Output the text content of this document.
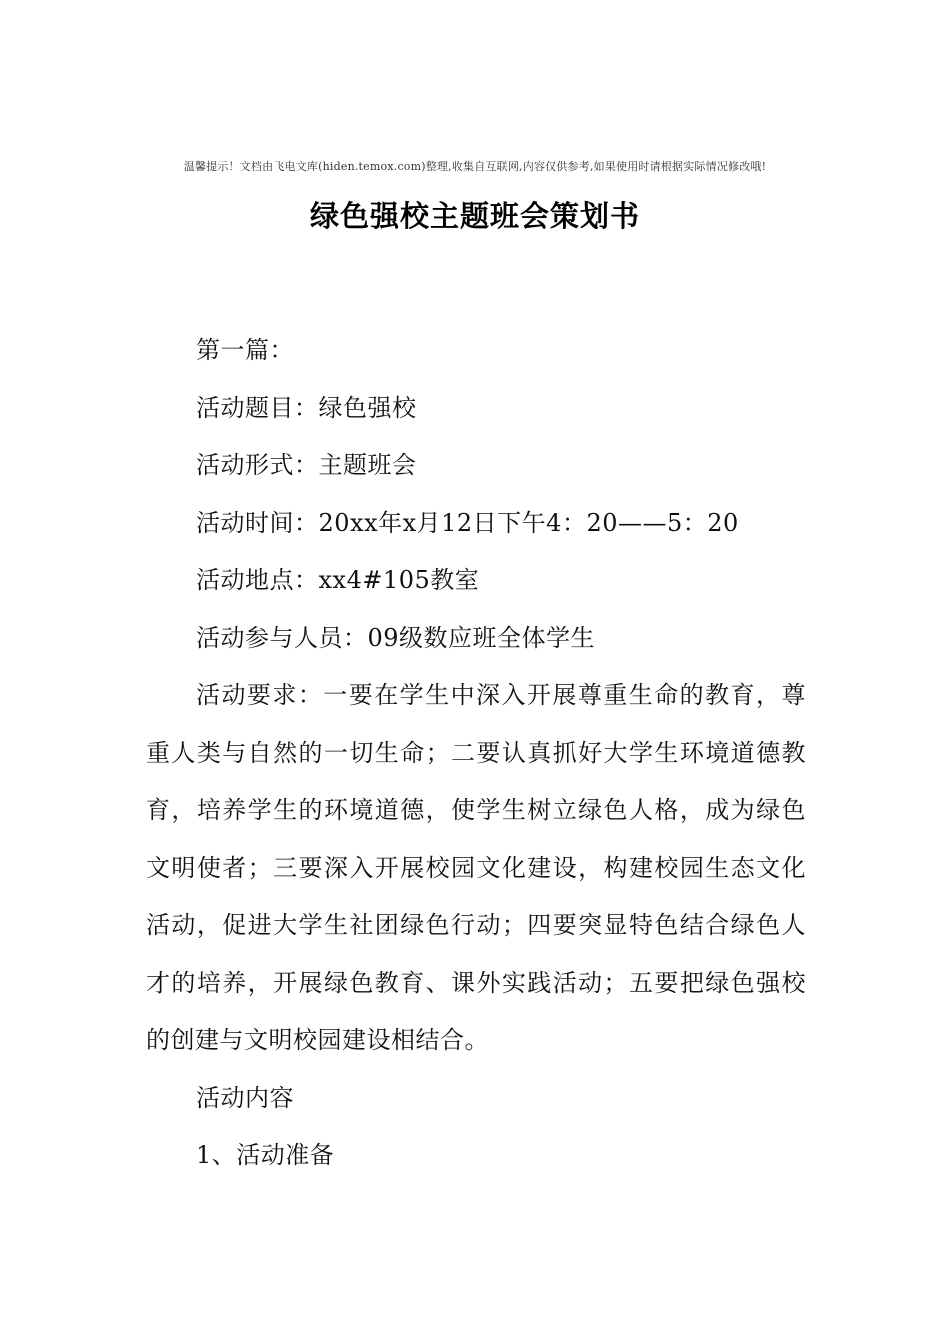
温馨提示！文档由飞电文库(hiden.temox.com)整理,收集自互联网,内容仅供参考,如果使用时请根据实际情况修改哦!
绿色强校主题班会策划书

第一篇：

活动题目：绿色强校

活动形式：主题班会

活动时间：20xx年x月12日下午4：20——5：20

活动地点：xx4#105教室

活动参与人员：09级数应班全体学生

活动要求：一要在学生中深入开展尊重生命的教育，尊重人类与自然的一切生命；二要认真抓好大学生环境道德教育，培养学生的环境道德，使学生树立绿色人格，成为绿色文明使者；三要深入开展校园文化建设，构建校园生态文化活动，促进大学生社团绿色行动；四要突显特色结合绿色人才的培养，开展绿色教育、课外实践活动；五要把绿色强校的创建与文明校园建设相结合。

活动内容

1、活动准备
